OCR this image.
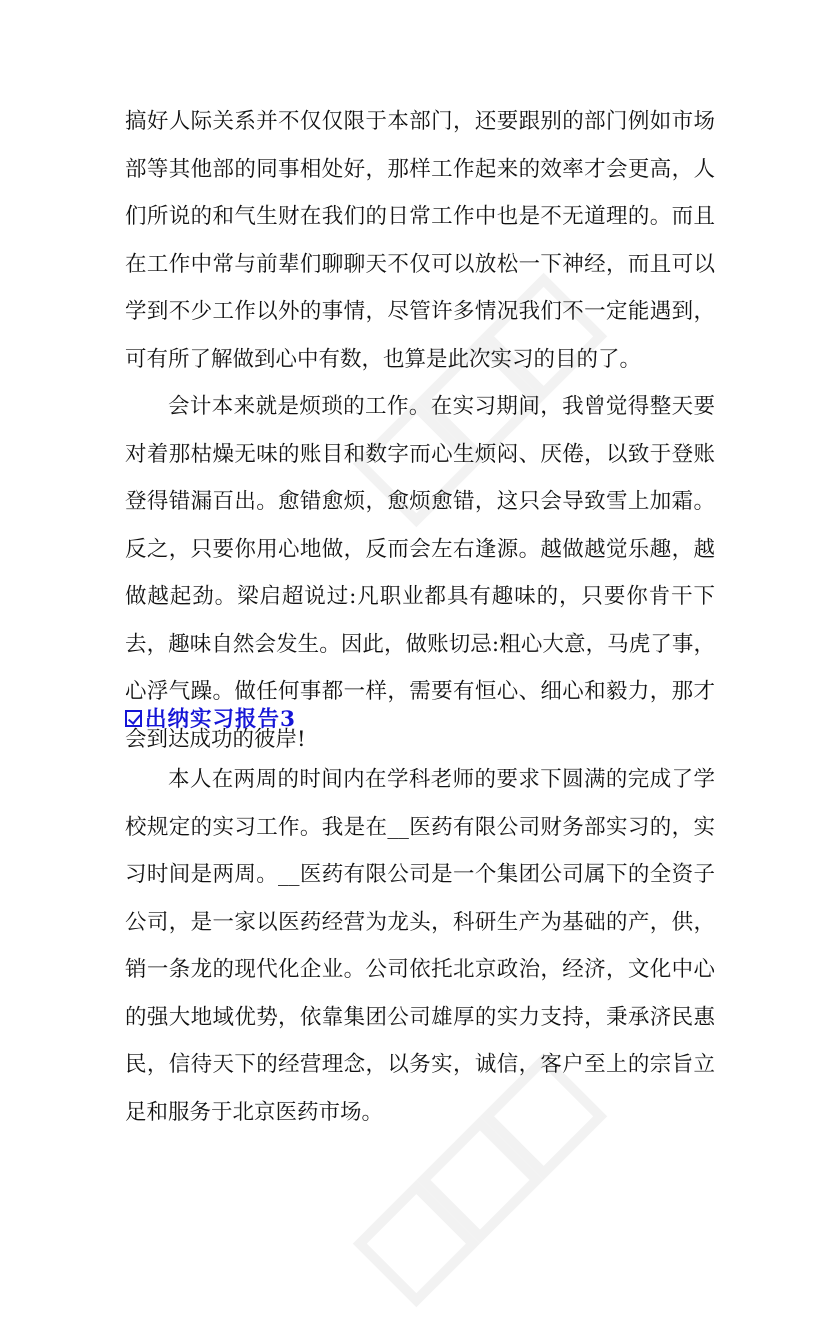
搞好人际关系并不仅仅限于本部门，还要跟别的部门例如市场部等其他部的同事相处好，那样工作起来的效率才会更高，人们所说的和气生财在我们的日常工作中也是不无道理的。而且在工作中常与前辈们聊聊天不仅可以放松一下神经，而且可以学到不少工作以外的事情，尽管许多情况我们不一定能遇到，可有所了解做到心中有数，也算是此次实习的目的了。

会计本来就是烦琐的工作。在实习期间，我曾觉得整天要对着那枯燥无味的账目和数字而心生烦闷、厌倦，以致于登账登得错漏百出。愈错愈烦，愈烦愈错，这只会导致雪上加霜。反之，只要你用心地做，反而会左右逢源。越做越觉乐趣，越做越起劲。梁启超说过:凡职业都具有趣味的，只要你肯干下去，趣味自然会发生。因此，做账切忌:粗心大意，马虎了事，心浮气躁。做任何事都一样，需要有恒心、细心和毅力，那才会到达成功的彼岸!

出纳实习报告3

本人在两周的时间内在学科老师的要求下圆满的完成了学校规定的实习工作。我是在__医药有限公司财务部实习的，实习时间是两周。__医药有限公司是一个集团公司属下的全资子公司，是一家以医药经营为龙头，科研生产为基础的产，供，销一条龙的现代化企业。公司依托北京政治，经济，文化中心的强大地域优势，依靠集团公司雄厚的实力支持，秉承济民惠民，信待天下的经营理念，以务实，诚信，客户至上的宗旨立足和服务于北京医药市场。
